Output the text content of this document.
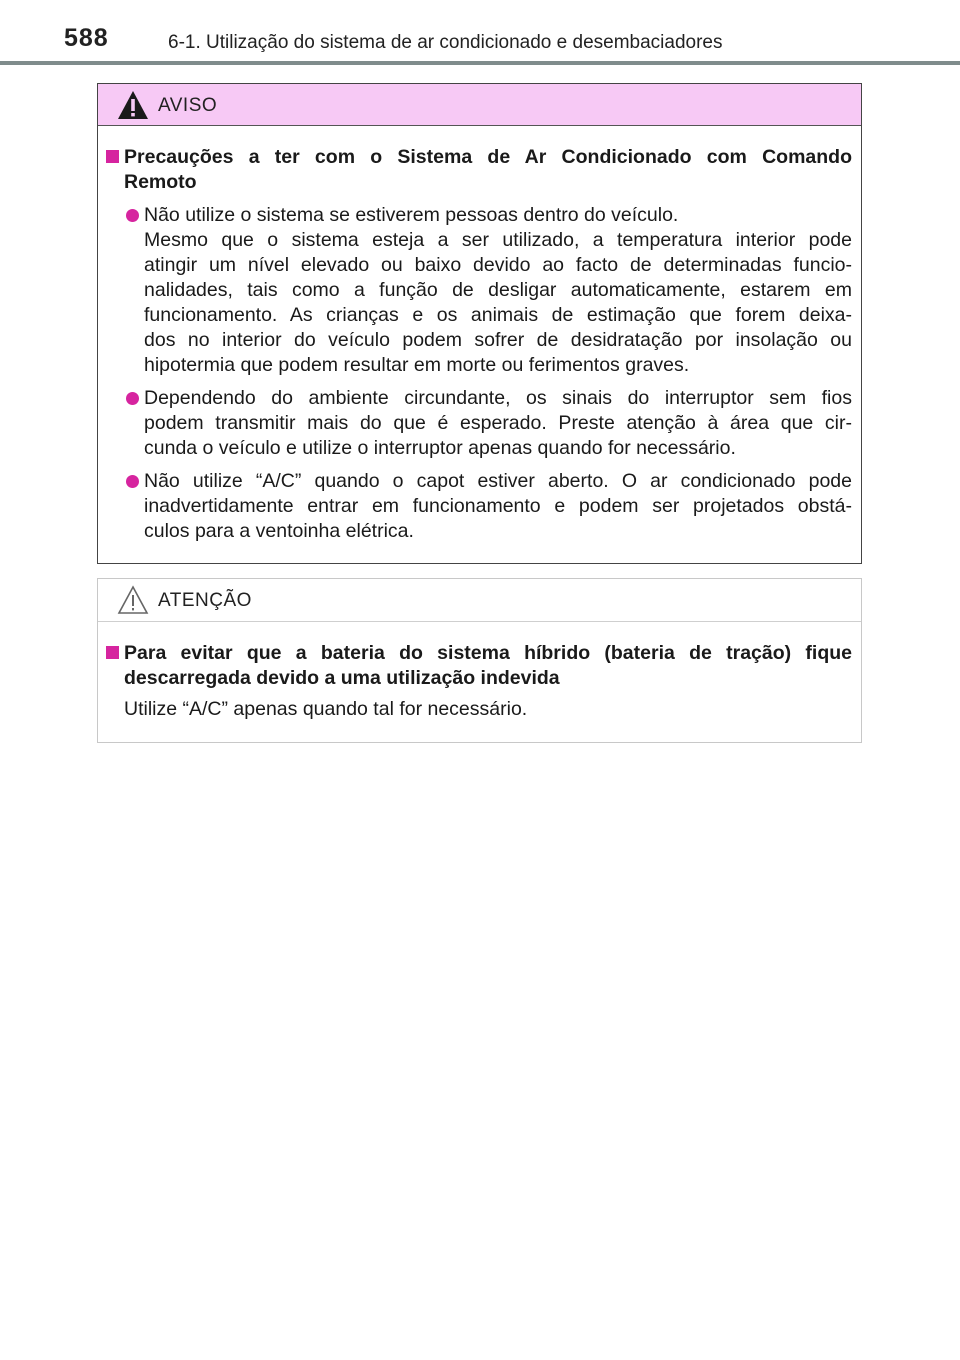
588	6-1. Utilização do sistema de ar condicionado e desembaciadores
AVISO
Precauções a ter com o Sistema de Ar Condicionado com Comando
Remoto
Não utilize o sistema se estiverem pessoas dentro do veículo.
Mesmo que o sistema esteja a ser utilizado, a temperatura interior pode
atingir um nível elevado ou baixo devido ao facto de determinadas funcio-
nalidades, tais como a função de desligar automaticamente, estarem em
funcionamento. As crianças e os animais de estimação que forem deixa-
dos no interior do veículo podem sofrer de desidratação por insolação ou
hipotermia que podem resultar em morte ou ferimentos graves.
Dependendo do ambiente circundante, os sinais do interruptor sem fios
podem transmitir mais do que é esperado. Preste atenção à área que cir-
cunda o veículo e utilize o interruptor apenas quando for necessário.
Não utilize “A/C” quando o capot estiver aberto. O ar condicionado pode
inadvertidamente entrar em funcionamento e podem ser projetados obstá-
culos para a ventoinha elétrica.
ATENÇÃO
Para evitar que a bateria do sistema híbrido (bateria de tração) fique
descarregada devido a uma utilização indevida
Utilize “A/C” apenas quando tal for necessário.
